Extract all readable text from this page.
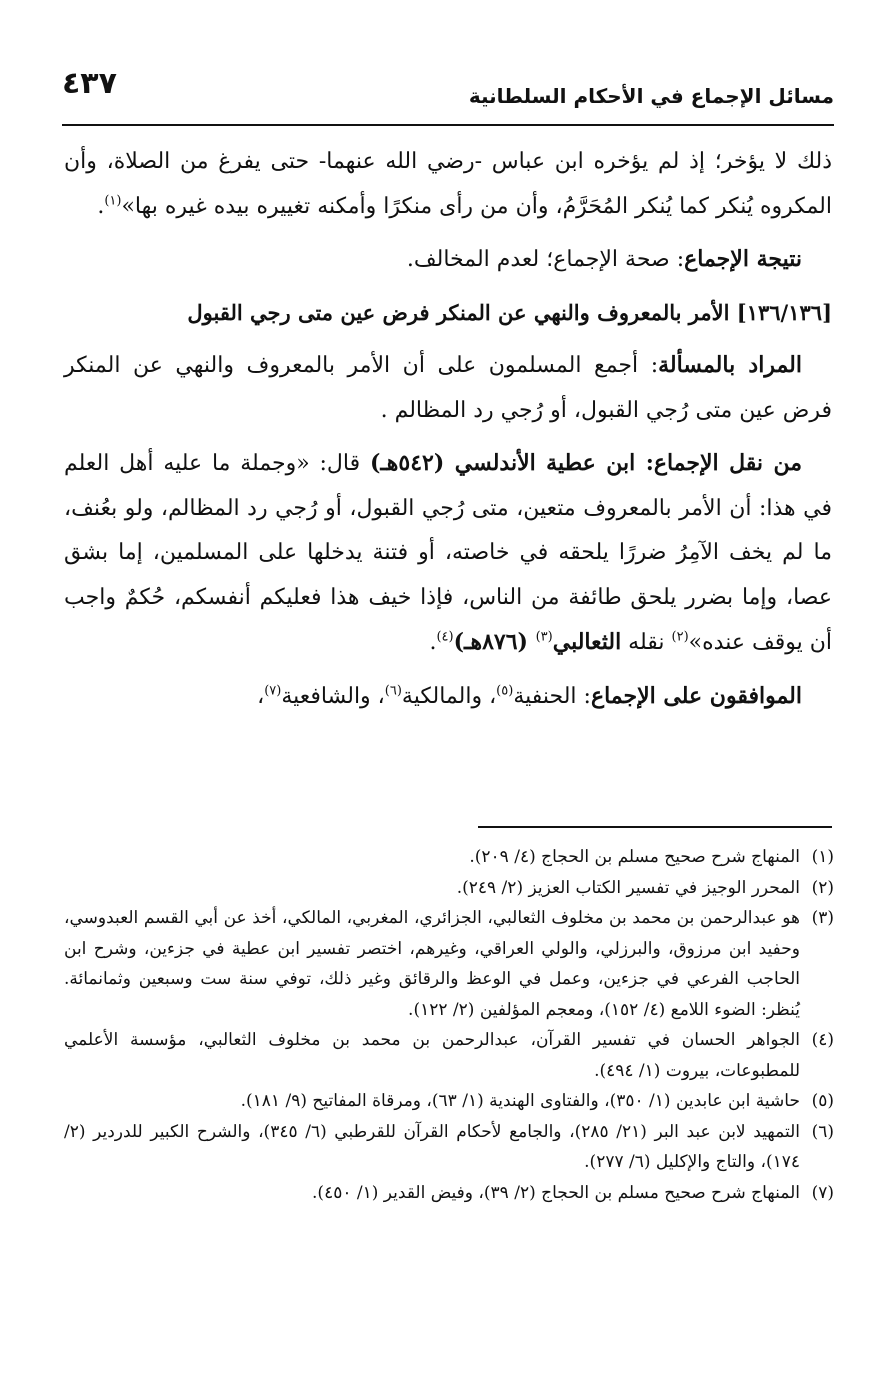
٤٣٧	مسائل الإجماع في الأحكام السلطانية

ذلك لا يؤخر؛ إذ لم يؤخره ابن عباس -رضي الله عنهما- حتى يفرغ من الصلاة، وأن المكروه يُنكر كما يُنكر المُحَرَّمُ، وأن من رأى منكرًا وأمكنه تغييره بيده غيره بها»$^{(١)}$.

نتيجة الإجماع: صحة الإجماع؛ لعدم المخالف.

[١٣٦/١٣٦] الأمر بالمعروف والنهي عن المنكر فرض عين متى رجي القبول

المراد بالمسألة: أجمع المسلمون على أن الأمر بالمعروف والنهي عن المنكر فرض عين متى رُجي القبول، أو رُجي رد المظالم .

من نقل الإجماع: ابن عطية الأندلسي (٥٤٢هـ) قال: «وجملة ما عليه أهل العلم في هذا: أن الأمر بالمعروف متعين، متى رُجي القبول، أو رُجي رد المظالم، ولو بعُنف، ما لم يخف الآمِرُ ضررًا يلحقه في خاصته، أو فتنة يدخلها على المسلمين، إما بشق عصا، وإما بضرر يلحق طائفة من الناس، فإذا خيف هذا فعليكم أنفسكم، حُكمٌ واجب أن يوقف عنده»$^{(٢)}$ نقله الثعالبي$^{(٣)}$ (٨٧٦هـ)$^{(٤)}$.

الموافقون على الإجماع: الحنفية$^{(٥)}$، والمالكية$^{(٦)}$، والشافعية$^{(٧)}$،

(١)
المنهاج شرح صحيح مسلم بن الحجاج (٤/ ٢٠٩).
(٢)
المحرر الوجيز في تفسير الكتاب العزيز (٢/ ٢٤٩).
(٣)
هو عبدالرحمن بن محمد بن مخلوف الثعالبي، الجزائري، المغربي، المالكي، أخذ عن أبي القسم العبدوسي، وحفيد ابن مرزوق، والبرزلي، والولي العراقي، وغيرهم، اختصر تفسير ابن عطية في جزءين، وشرح ابن الحاجب الفرعي في جزءين، وعمل في الوعظ والرقائق وغير ذلك، توفي سنة ست وسبعين وثمانمائة. يُنظر: الضوء اللامع (٤/ ١٥٢)، ومعجم المؤلفين (٢/ ١٢٢).
(٤)
الجواهر الحسان في تفسير القرآن، عبدالرحمن بن محمد بن مخلوف الثعالبي، مؤسسة الأعلمي للمطبوعات، بيروت (١/ ٤٩٤).
(٥)
حاشية ابن عابدين (١/ ٣٥٠)، والفتاوى الهندية (١/ ٦٣)، ومرقاة المفاتيح (٩/ ١٨١).
(٦)
التمهيد لابن عبد البر (٢١/ ٢٨٥)، والجامع لأحكام القرآن للقرطبي (٦/ ٣٤٥)، والشرح الكبير للدردير (٢/ ١٧٤)، والتاج والإكليل (٦/ ٢٧٧).
(٧)
المنهاج شرح صحيح مسلم بن الحجاج (٢/ ٣٩)، وفيض القدير (١/ ٤٥٠).
